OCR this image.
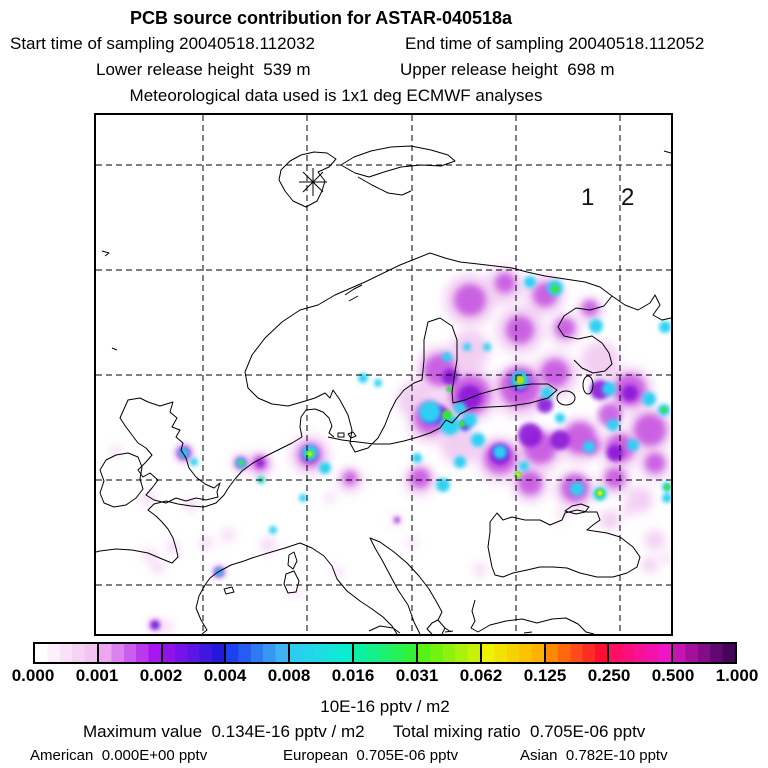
PCB source contribution for ASTAR-040518a
Start time of sampling 20040518.112032	End time of sampling 20040518.112052
Lower release height  539 m	Upper release height  698 m
Meteorological data used is 1x1 deg ECMWF analyses
1 2
0.000 0.001 0.002 0.004 0.008 0.016 0.031 0.062 0.125 0.250 0.500 1.000
10E-16 pptv / m2
Maximum value  0.134E-16 pptv / m2 Total mixing ratio  0.705E-06 pptv
American  0.000E+00 pptv	European  0.705E-06 pptv	Asian  0.782E-10 pptv
